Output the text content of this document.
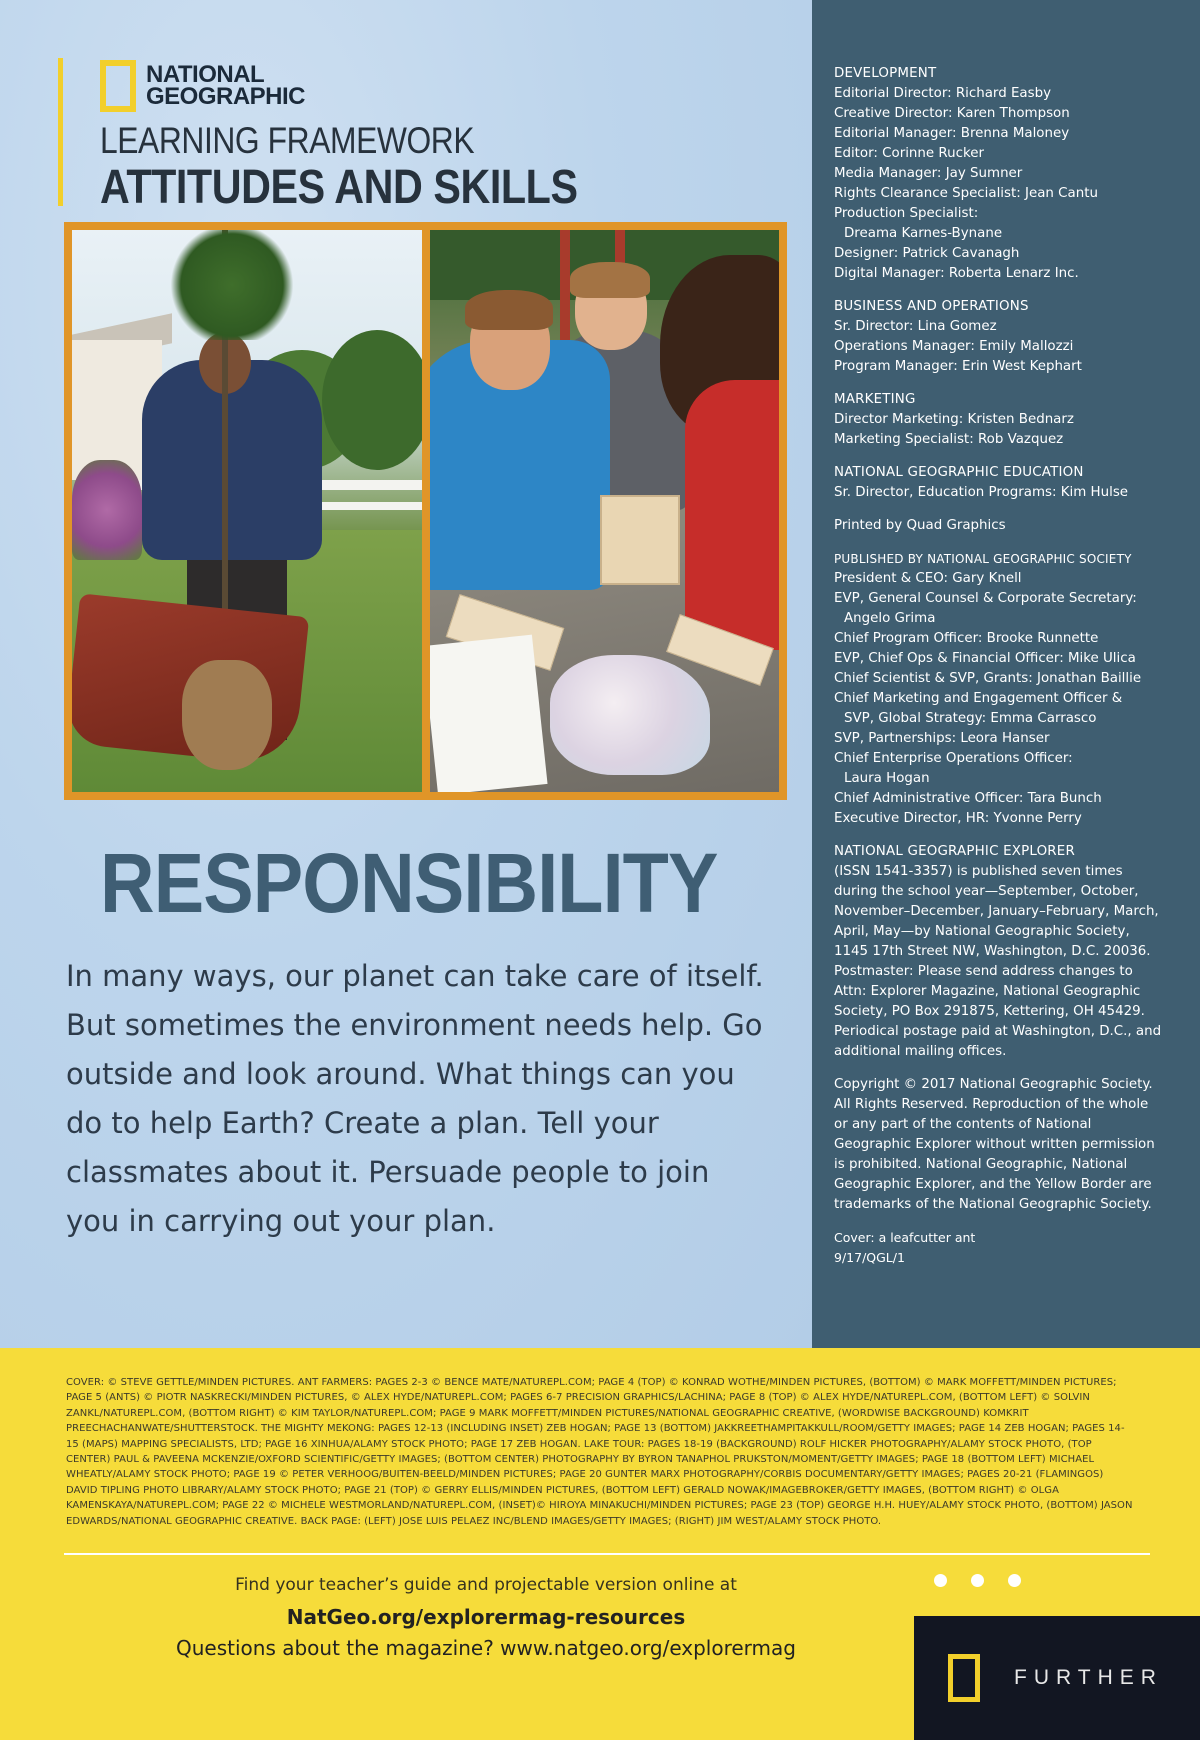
NATIONAL
GEOGRAPHIC
LEARNING FRAMEWORK
ATTITUDES AND SKILLS
RESPONSIBILITY
In many ways, our planet can take care of itself. But sometimes the environment needs help. Go outside and look around. What things can you do to help Earth? Create a plan. Tell your classmates about it. Persuade people to join you in carrying out your plan.
DEVELOPMENT
Editorial Director: Richard Easby
Creative Director: Karen Thompson
Editorial Manager: Brenna Maloney
Editor: Corinne Rucker
Media Manager: Jay Sumner
Rights Clearance Specialist: Jean Cantu
Production Specialist:
Dreama Karnes-Bynane
Designer: Patrick Cavanagh
Digital Manager: Roberta Lenarz Inc.
BUSINESS AND OPERATIONS
Sr. Director: Lina Gomez
Operations Manager: Emily Mallozzi
Program Manager: Erin West Kephart
MARKETING
Director Marketing: Kristen Bednarz
Marketing Specialist: Rob Vazquez
NATIONAL GEOGRAPHIC EDUCATION
Sr. Director, Education Programs: Kim Hulse
Printed by Quad Graphics
PUBLISHED BY NATIONAL GEOGRAPHIC SOCIETY
President & CEO: Gary Knell
EVP, General Counsel & Corporate Secretary:
Angelo Grima
Chief Program Officer: Brooke Runnette
EVP, Chief Ops & Financial Officer: Mike Ulica
Chief Scientist & SVP, Grants: Jonathan Baillie
Chief Marketing and Engagement Officer &
SVP, Global Strategy: Emma Carrasco
SVP, Partnerships: Leora Hanser
Chief Enterprise Operations Officer:
Laura Hogan
Chief Administrative Officer: Tara Bunch
Executive Director, HR: Yvonne Perry
NATIONAL GEOGRAPHIC EXPLORER
(ISSN 1541-3357) is published seven times during the school year—September, October, November–December, January–February, March, April, May—by National Geographic Society, 1145 17th Street NW, Washington, D.C. 20036. Postmaster: Please send address changes to Attn: Explorer Magazine, National Geographic Society, PO Box 291875, Kettering, OH 45429. Periodical postage paid at Washington, D.C., and additional mailing offices.
Copyright © 2017 National Geographic Society. All Rights Reserved. Reproduction of the whole or any part of the contents of National Geographic Explorer without written permission is prohibited. National Geographic, National Geographic Explorer, and the Yellow Border are trademarks of the National Geographic Society.
Cover: a leafcutter ant
9/17/QGL/1
COVER: © STEVE GETTLE/MINDEN PICTURES. ANT FARMERS: PAGES 2-3 © BENCE MATE/NATUREPL.COM; PAGE 4 (TOP) © KONRAD WOTHE/MINDEN PICTURES, (BOTTOM) © MARK MOFFETT/MINDEN PICTURES; PAGE 5 (ANTS) © PIOTR NASKRECKI/MINDEN PICTURES, © ALEX HYDE/NATUREPL.COM; PAGES 6-7 PRECISION GRAPHICS/LACHINA; PAGE 8 (TOP) © ALEX HYDE/NATUREPL.COM, (BOTTOM LEFT) © SOLVIN ZANKL/NATUREPL.COM, (BOTTOM RIGHT) © KIM TAYLOR/NATUREPL.COM; PAGE 9 MARK MOFFETT/MINDEN PICTURES/NATIONAL GEOGRAPHIC CREATIVE, (WORDWISE BACKGROUND) KOMKRIT PREECHACHANWATE/SHUTTERSTOCK. THE MIGHTY MEKONG: PAGES 12-13 (INCLUDING INSET) ZEB HOGAN; PAGE 13 (BOTTOM) JAKKREETHAMPITAKKULL/ROOM/GETTY IMAGES; PAGE 14 ZEB HOGAN; PAGES 14-15 (MAPS) MAPPING SPECIALISTS, LTD; PAGE 16 XINHUA/ALAMY STOCK PHOTO; PAGE 17 ZEB HOGAN. LAKE TOUR: PAGES 18-19 (BACKGROUND) ROLF HICKER PHOTOGRAPHY/ALAMY STOCK PHOTO, (TOP CENTER) PAUL & PAVEENA MCKENZIE/OXFORD SCIENTIFIC/GETTY IMAGES; (BOTTOM CENTER) PHOTOGRAPHY BY BYRON TANAPHOL PRUKSTON/MOMENT/GETTY IMAGES; PAGE 18 (BOTTOM LEFT) MICHAEL WHEATLY/ALAMY STOCK PHOTO; PAGE 19 © PETER VERHOOG/BUITEN-BEELD/MINDEN PICTURES; PAGE 20 GUNTER MARX PHOTOGRAPHY/CORBIS DOCUMENTARY/GETTY IMAGES; PAGES 20-21 (FLAMINGOS) DAVID TIPLING PHOTO LIBRARY/ALAMY STOCK PHOTO; PAGE 21 (TOP) © GERRY ELLIS/MINDEN PICTURES, (BOTTOM LEFT) GERALD NOWAK/IMAGEBROKER/GETTY IMAGES, (BOTTOM RIGHT) © OLGA KAMENSKAYA/NATUREPL.COM; PAGE 22 © MICHELE WESTMORLAND/NATUREPL.COM, (INSET)© HIROYA MINAKUCHI/MINDEN PICTURES; PAGE 23 (TOP) GEORGE H.H. HUEY/ALAMY STOCK PHOTO, (BOTTOM) JASON EDWARDS/NATIONAL GEOGRAPHIC CREATIVE. BACK PAGE: (LEFT) JOSE LUIS PELAEZ INC/BLEND IMAGES/GETTY IMAGES; (RIGHT) JIM WEST/ALAMY STOCK PHOTO.
Find your teacher’s guide and projectable version online at
NatGeo.org/explorermag-resources
Questions about the magazine? www.natgeo.org/explorermag
FURTHER
